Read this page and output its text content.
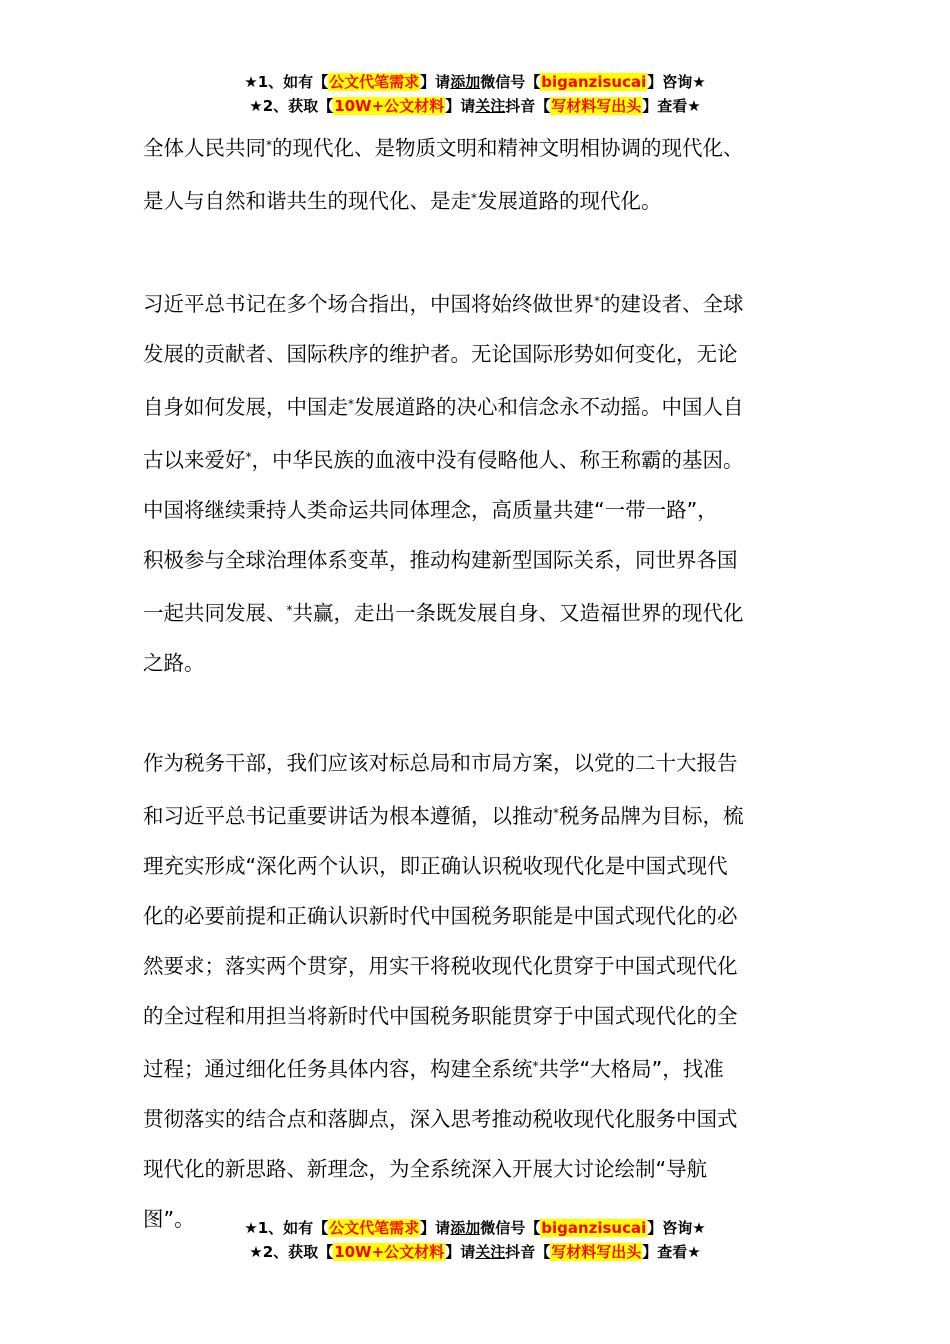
★1、如有【公文代笔需求】请添加微信号【biganzisucai】咨询★
★2、获取【10W+公文材料】请关注抖音【写材料写出头】查看★
全体人民共同*的现代化、是物质文明和精神文明相协调的现代化、
是人与自然和谐共生的现代化、是走*发展道路的现代化。
习近平总书记在多个场合指出，中国将始终做世界*的建设者、全球
发展的贡献者、国际秩序的维护者。无论国际形势如何变化，无论
自身如何发展，中国走*发展道路的决心和信念永不动摇。中国人自
古以来爱好*，中华民族的血液中没有侵略他人、称王称霸的基因。
中国将继续秉持人类命运共同体理念，高质量共建“一带一路”，
积极参与全球治理体系变革，推动构建新型国际关系，同世界各国
一起共同发展、*共赢，走出一条既发展自身、又造福世界的现代化
之路。
作为税务干部，我们应该对标总局和市局方案，以党的二十大报告
和习近平总书记重要讲话为根本遵循，以推动*税务品牌为目标，梳
理充实形成“深化两个认识，即正确认识税收现代化是中国式现代
化的必要前提和正确认识新时代中国税务职能是中国式现代化的必
然要求；落实两个贯穿，用实干将税收现代化贯穿于中国式现代化
的全过程和用担当将新时代中国税务职能贯穿于中国式现代化的全
过程；通过细化任务具体内容，构建全系统*共学“大格局”，找准
贯彻落实的结合点和落脚点，深入思考推动税收现代化服务中国式
现代化的新思路、新理念，为全系统深入开展大讨论绘制“导航
图”。	★1、如有【公文代笔需求】请添加微信号【biganzisucai】咨询★
★2、获取【10W+公文材料】请关注抖音【写材料写出头】查看★
